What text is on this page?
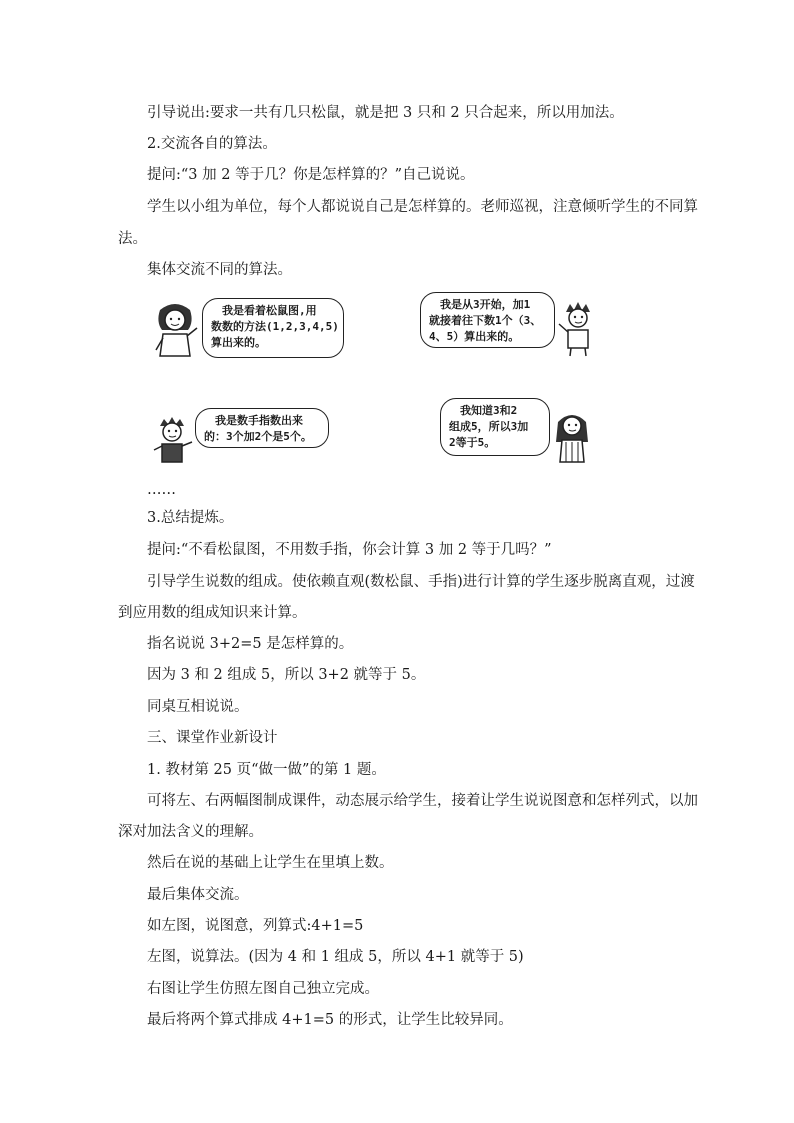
引导说出:要求一共有几只松鼠，就是把 3 只和 2 只合起来，所以用加法。
2.交流各自的算法。
提问:“3 加 2 等于几？你是怎样算的？”自己说说。
学生以小组为单位，每个人都说说自己是怎样算的。老师巡视，注意倾听学生的不同算
法。
集体交流不同的算法。
　我是看着松鼠图,用
数数的方法(1,2,3,4,5)
算出来的。
　我是从3开始，加1
就接着往下数1个（3、
4、5）算出来的。
　我是数手指数出来
的：3个加2个是5个。
　我知道3和2
组成5，所以3加
2等于5。
……
3.总结提炼。
提问:“不看松鼠图，不用数手指，你会计算 3 加 2 等于几吗？”
引导学生说数的组成。使依赖直观(数松鼠、手指)进行计算的学生逐步脱离直观，过渡
到应用数的组成知识来计算。
指名说说 3+2=5 是怎样算的。
因为 3 和 2 组成 5，所以 3+2 就等于 5。
同桌互相说说。
三、课堂作业新设计
1. 教材第 25 页“做一做”的第 1 题。
可将左、右两幅图制成课件，动态展示给学生，接着让学生说说图意和怎样列式，以加
深对加法含义的理解。
然后在说的基础上让学生在里填上数。
最后集体交流。
如左图，说图意，列算式:4+1=5
左图，说算法。(因为 4 和 1 组成 5，所以 4+1 就等于 5)
右图让学生仿照左图自己独立完成。
最后将两个算式排成 4+1=5 的形式，让学生比较异同。
